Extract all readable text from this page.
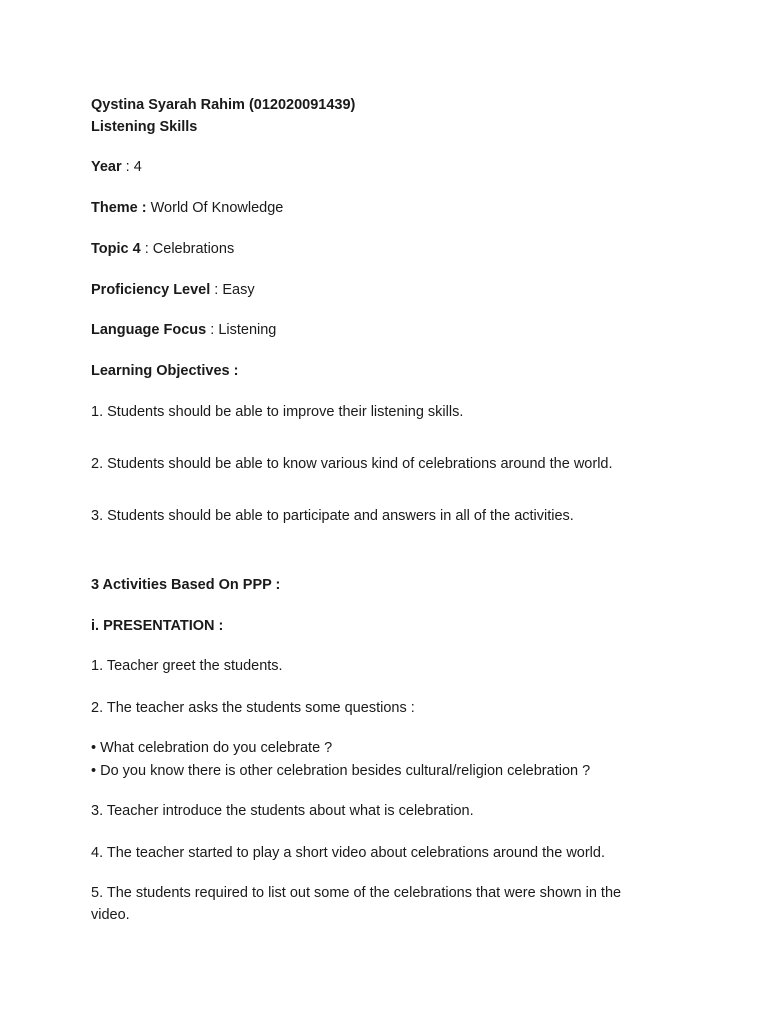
Qystina Syarah Rahim (012020091439)
Listening Skills
Year : 4
Theme : World Of Knowledge
Topic 4 : Celebrations
Proficiency Level : Easy
Language Focus : Listening
Learning Objectives :
1. Students should be able to improve their listening skills.
2. Students should be able to know various kind of celebrations around the world.
3. Students should be able to participate and answers in all of the activities.
3 Activities Based On PPP :
i. PRESENTATION :
1. Teacher greet the students.
2. The teacher asks the students some questions :
• What celebration do you celebrate ?
• Do you know there is other celebration besides cultural/religion celebration ?
3. Teacher introduce the students about what is celebration.
4. The teacher started to play a short video about celebrations around the world.
5. The students required to list out some of the celebrations that were shown in the video.
